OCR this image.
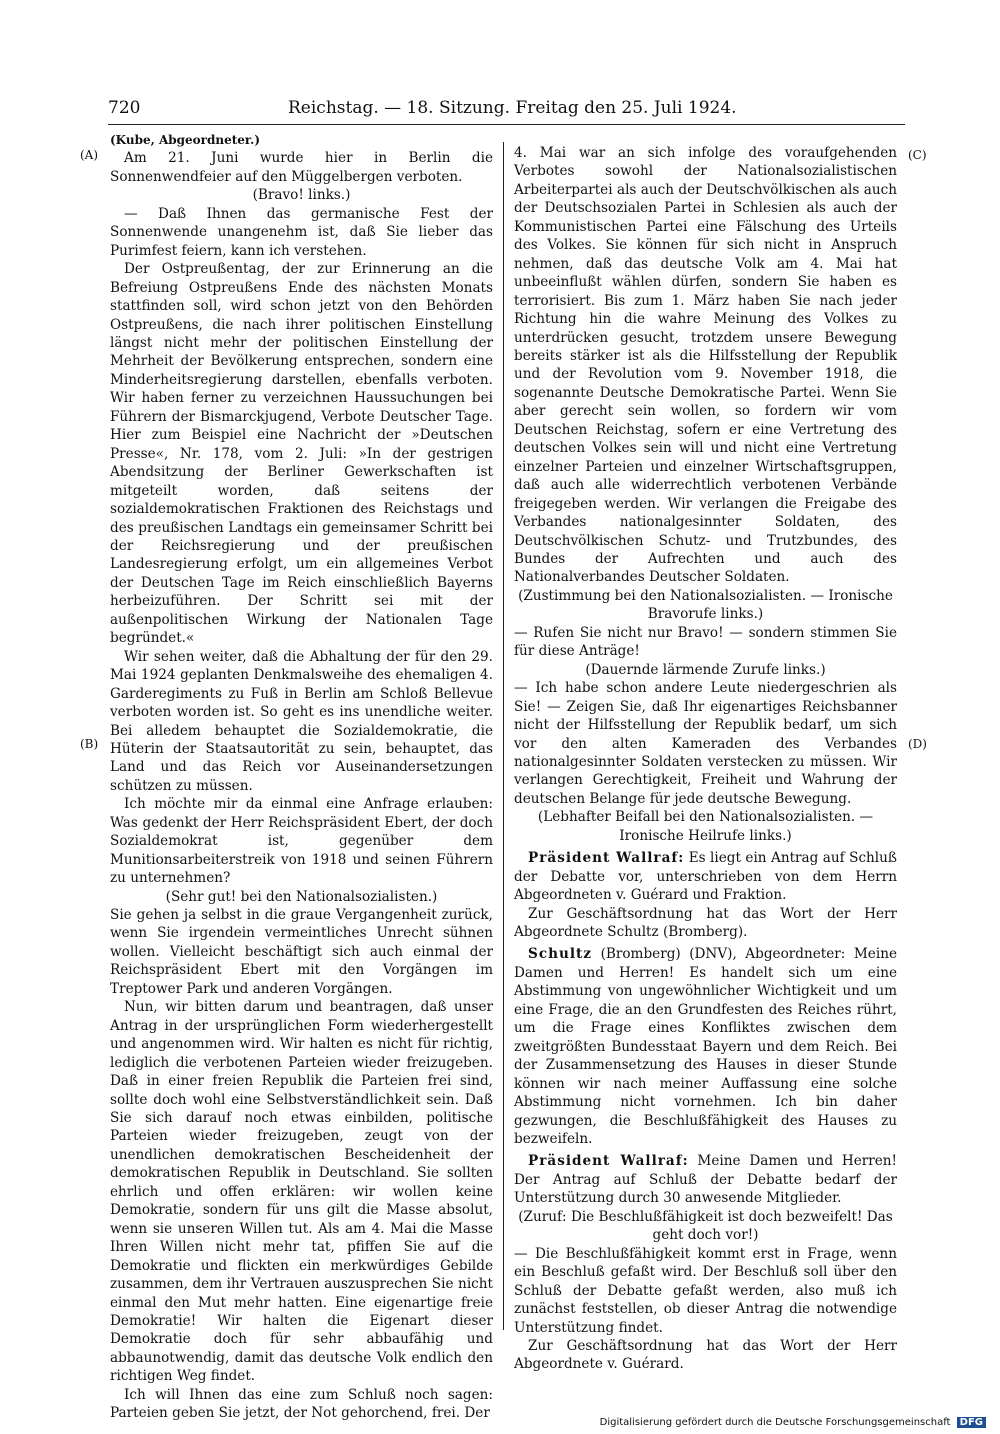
720	Reichstag. — 18. Sitzung. Freitag den 25. Juli 1924.
(A)
(B)
(C)
(D)

(Kube, Abgeordneter.)

Am 21. Juni wurde hier in Berlin die Sonnenwendfeier auf den Müggelbergen verboten.

(Bravo! links.)

— Daß Ihnen das germanische Fest der Sonnenwende unangenehm ist, daß Sie lieber das Purimfest feiern, kann ich verstehen.

Der Ostpreußentag, der zur Erinnerung an die Befreiung Ostpreußens Ende des nächsten Monats stattfinden soll, wird schon jetzt von den Behörden Ostpreußens, die nach ihrer politischen Einstellung längst nicht mehr der politischen Einstellung der Mehrheit der Bevölkerung entsprechen, sondern eine Minderheitsregierung darstellen, ebenfalls verboten. Wir haben ferner zu verzeichnen Haussuchungen bei Führern der Bismarckjugend, Verbote Deutscher Tage. Hier zum Beispiel eine Nachricht der »Deutschen Presse«, Nr. 178, vom 2. Juli: »In der gestrigen Abendsitzung der Berliner Gewerkschaften ist mitgeteilt worden, daß seitens der sozialdemokratischen Fraktionen des Reichstags und des preußischen Landtags ein gemeinsamer Schritt bei der Reichsregierung und der preußischen Landesregierung erfolgt, um ein allgemeines Verbot der Deutschen Tage im Reich einschließlich Bayerns herbeizuführen. Der Schritt sei mit der außenpolitischen Wirkung der Nationalen Tage begründet.«

Wir sehen weiter, daß die Abhaltung der für den 29. Mai 1924 geplanten Denkmalsweihe des ehemaligen 4. Garderegiments zu Fuß in Berlin am Schloß Bellevue verboten worden ist. So geht es ins unendliche weiter. Bei alledem behauptet die Sozialdemokratie, die Hüterin der Staatsautorität zu sein, behauptet, das Land und das Reich vor Auseinandersetzungen schützen zu müssen.

Ich möchte mir da einmal eine Anfrage erlauben: Was gedenkt der Herr Reichspräsident Ebert, der doch Sozialdemokrat ist, gegenüber dem Munitionsarbeiterstreik von 1918 und seinen Führern zu unternehmen?

(Sehr gut! bei den Nationalsozialisten.)

Sie gehen ja selbst in die graue Vergangenheit zurück, wenn Sie irgendein vermeintliches Unrecht sühnen wollen. Vielleicht beschäftigt sich auch einmal der Reichspräsident Ebert mit den Vorgängen im Treptower Park und anderen Vorgängen.

Nun, wir bitten darum und beantragen, daß unser Antrag in der ursprünglichen Form wiederhergestellt und angenommen wird. Wir halten es nicht für richtig, lediglich die verbotenen Parteien wieder freizugeben. Daß in einer freien Republik die Parteien frei sind, sollte doch wohl eine Selbstverständlichkeit sein. Daß Sie sich darauf noch etwas einbilden, politische Parteien wieder freizugeben, zeugt von der unendlichen demokratischen Bescheidenheit der demokratischen Republik in Deutschland. Sie sollten ehrlich und offen erklären: wir wollen keine Demokratie, sondern für uns gilt die Masse absolut, wenn sie unseren Willen tut. Als am 4. Mai die Masse Ihren Willen nicht mehr tat, pfiffen Sie auf die Demokratie und flickten ein merkwürdiges Gebilde zusammen, dem ihr Vertrauen auszusprechen Sie nicht einmal den Mut mehr hatten. Eine eigenartige freie Demokratie! Wir halten die Eigenart dieser Demokratie doch für sehr abbaufähig und abbaunotwendig, damit das deutsche Volk endlich den richtigen Weg findet.

Ich will Ihnen das eine zum Schluß noch sagen: Parteien geben Sie jetzt, der Not gehorchend, frei. Der

4. Mai war an sich infolge des voraufgehenden Verbotes sowohl der Nationalsozialistischen Arbeiterpartei als auch der Deutschvölkischen als auch der Deutschsozialen Partei in Schlesien als auch der Kommunistischen Partei eine Fälschung des Urteils des Volkes. Sie können für sich nicht in Anspruch nehmen, daß das deutsche Volk am 4. Mai hat unbeeinflußt wählen dürfen, sondern Sie haben es terrorisiert. Bis zum 1. März haben Sie nach jeder Richtung hin die wahre Meinung des Volkes zu unterdrücken gesucht, trotzdem unsere Bewegung bereits stärker ist als die Hilfsstellung der Republik und der Revolution vom 9. November 1918, die sogenannte Deutsche Demokratische Partei. Wenn Sie aber gerecht sein wollen, so fordern wir vom Deutschen Reichstag, sofern er eine Vertretung des deutschen Volkes sein will und nicht eine Vertretung einzelner Parteien und einzelner Wirtschaftsgruppen, daß auch alle widerrechtlich verbotenen Verbände freigegeben werden. Wir verlangen die Freigabe des Verbandes nationalgesinnter Soldaten, des Deutschvölkischen Schutz- und Trutzbundes, des Bundes der Aufrechten und auch des Nationalverbandes Deutscher Soldaten.

(Zustimmung bei den Nationalsozialisten. — Ironische Bravorufe links.)

— Rufen Sie nicht nur Bravo! — sondern stimmen Sie für diese Anträge!

(Dauernde lärmende Zurufe links.)

— Ich habe schon andere Leute niedergeschrien als Sie! — Zeigen Sie, daß Ihr eigenartiges Reichsbanner nicht der Hilfsstellung der Republik bedarf, um sich vor den alten Kameraden des Verbandes nationalgesinnter Soldaten verstecken zu müssen. Wir verlangen Gerechtigkeit, Freiheit und Wahrung der deutschen Belange für jede deutsche Bewegung.

(Lebhafter Beifall bei den Nationalsozialisten. — Ironische Heilrufe links.)

Präsident Wallraf: Es liegt ein Antrag auf Schluß der Debatte vor, unterschrieben von dem Herrn Abgeordneten v. Guérard und Fraktion.

Zur Geschäftsordnung hat das Wort der Herr Abgeordnete Schultz (Bromberg).

Schultz (Bromberg) (DNV), Abgeordneter: Meine Damen und Herren! Es handelt sich um eine Abstimmung von ungewöhnlicher Wichtigkeit und um eine Frage, die an den Grundfesten des Reiches rührt, um die Frage eines Konfliktes zwischen dem zweitgrößten Bundesstaat Bayern und dem Reich. Bei der Zusammensetzung des Hauses in dieser Stunde können wir nach meiner Auffassung eine solche Abstimmung nicht vornehmen. Ich bin daher gezwungen, die Beschlußfähigkeit des Hauses zu bezweifeln.

Präsident Wallraf: Meine Damen und Herren! Der Antrag auf Schluß der Debatte bedarf der Unterstützung durch 30 anwesende Mitglieder.

(Zuruf: Die Beschlußfähigkeit ist doch bezweifelt! Das geht doch vor!)

— Die Beschlußfähigkeit kommt erst in Frage, wenn ein Beschluß gefaßt wird. Der Beschluß soll über den Schluß der Debatte gefaßt werden, also muß ich zunächst feststellen, ob dieser Antrag die notwendige Unterstützung findet.

Zur Geschäftsordnung hat das Wort der Herr Abgeordnete v. Guérard.

Digitalisierung gefördert durch die Deutsche Forschungsgemeinschaft DFG
